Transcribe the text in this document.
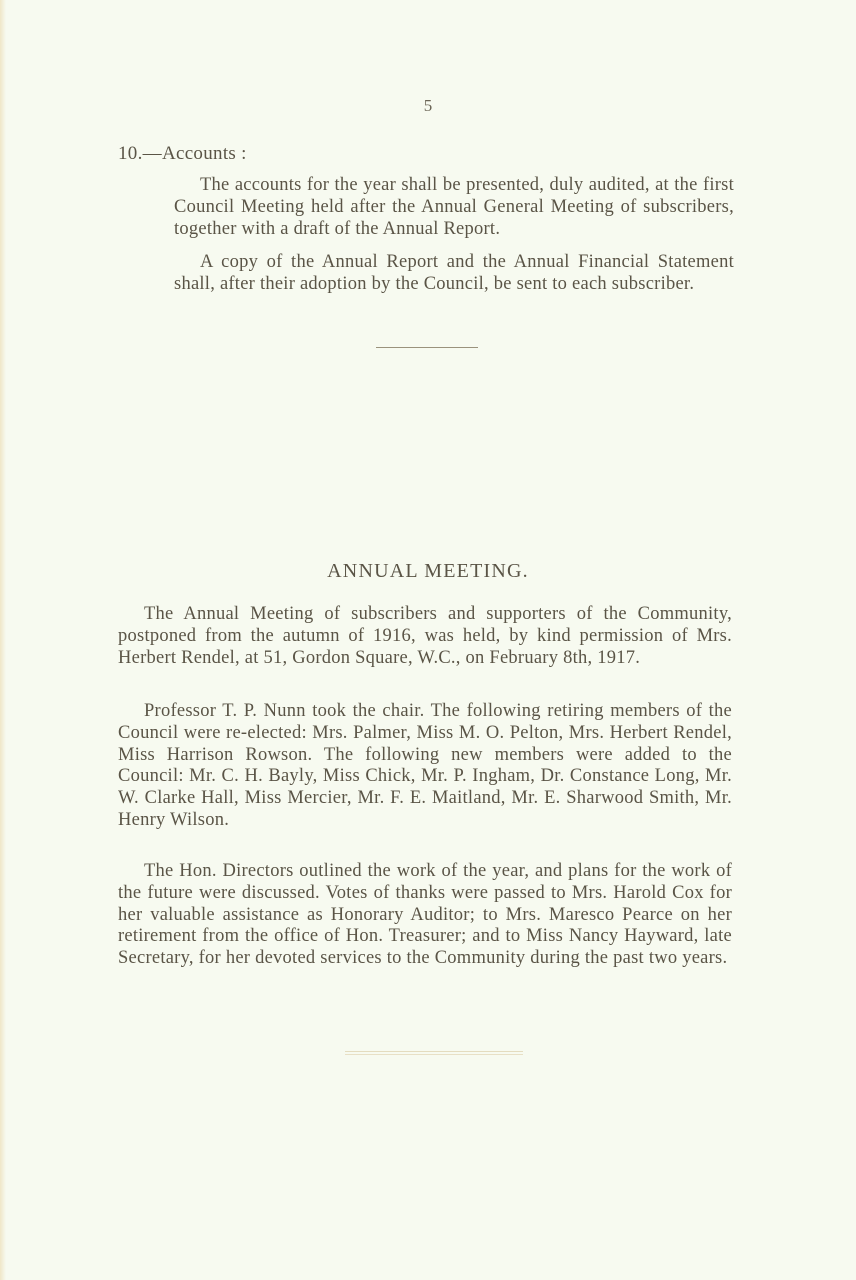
5
10.—Accounts :
The accounts for the year shall be presented, duly audited, at the first Council Meeting held after the Annual General Meeting of subscribers, together with a draft of the Annual Report.
A copy of the Annual Report and the Annual Financial Statement shall, after their adoption by the Council, be sent to each subscriber.
ANNUAL MEETING.
The Annual Meeting of subscribers and supporters of the Community, postponed from the autumn of 1916, was held, by kind permission of Mrs. Herbert Rendel, at 51, Gordon Square, W.C., on February 8th, 1917.
Professor T. P. Nunn took the chair. The following retiring members of the Council were re-elected: Mrs. Palmer, Miss M. O. Pelton, Mrs. Herbert Rendel, Miss Harrison Rowson. The following new members were added to the Council: Mr. C. H. Bayly, Miss Chick, Mr. P. Ingham, Dr. Constance Long, Mr. W. Clarke Hall, Miss Mercier, Mr. F. E. Maitland, Mr. E. Sharwood Smith, Mr. Henry Wilson.
The Hon. Directors outlined the work of the year, and plans for the work of the future were discussed. Votes of thanks were passed to Mrs. Harold Cox for her valuable assistance as Honorary Auditor; to Mrs. Maresco Pearce on her retirement from the office of Hon. Treasurer; and to Miss Nancy Hayward, late Secretary, for her devoted services to the Community during the past two years.
